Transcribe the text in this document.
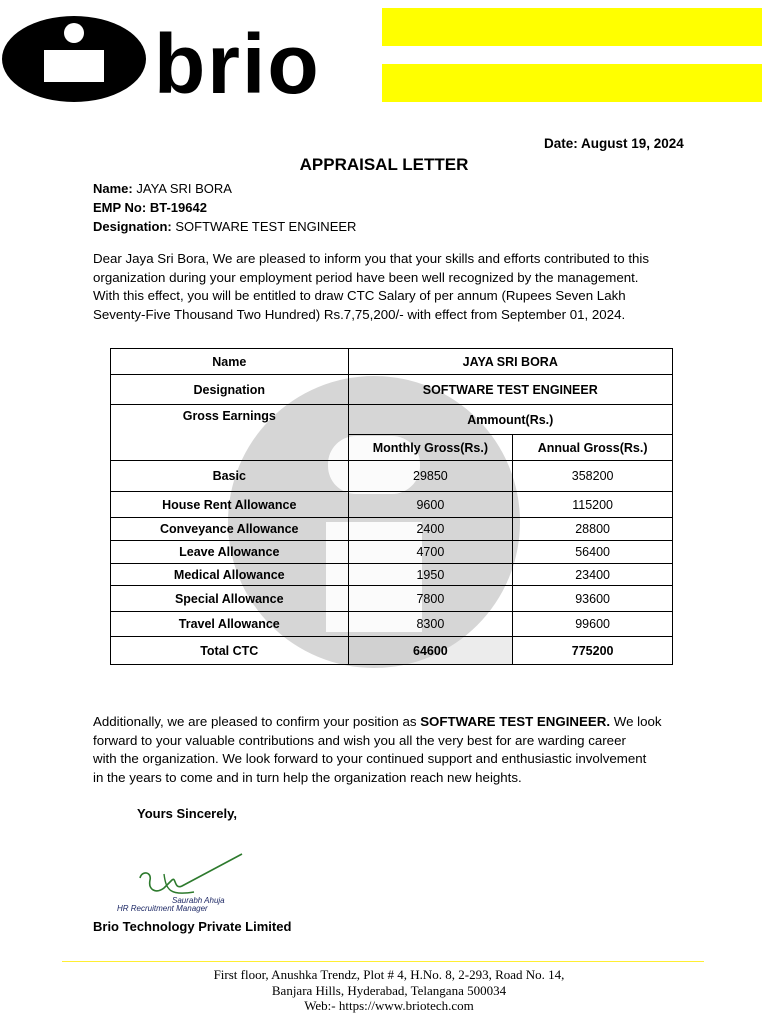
brio
Date: August 19, 2024
APPRAISAL LETTER
Name: JAYA SRI BORA
EMP No: BT-19642
Designation: SOFTWARE TEST ENGINEER
Dear Jaya Sri Bora, We are pleased to inform you that your skills and efforts contributed to this
organization during your employment period have been well recognized by the management.
With this effect, you will be entitled to draw CTC Salary of per annum (Rupees Seven Lakh
Seventy-Five Thousand Two Hundred) Rs.7,75,200/- with effect from September 01, 2024.
Name	JAYA SRI BORA	
Designation	SOFTWARE TEST ENGINEER	
Gross Earnings	Ammount(Rs.)	
	Monthly Gross(Rs.)	Annual Gross(Rs.)
Basic	29850	358200
House Rent Allowance	9600	115200
Conveyance Allowance	2400	28800
Leave Allowance	4700	56400
Medical Allowance	1950	23400
Special Allowance	7800	93600
Travel Allowance	8300	99600
Total CTC	64600	775200
Additionally, we are pleased to confirm your position as SOFTWARE TEST ENGINEER. We look
forward to your valuable contributions and wish you all the very best for are warding career
with the organization. We look forward to your continued support and enthusiastic involvement
in the years to come and in turn help the organization reach new heights.
Yours Sincerely,
Saurabh Ahuja
HR Recruitment Manager
Brio Technology Private Limited
First floor, Anushka Trendz, Plot # 4, H.No. 8, 2-293, Road No. 14,
Banjara Hills, Hyderabad, Telangana 500034
Web:- https://www.briotech.com
